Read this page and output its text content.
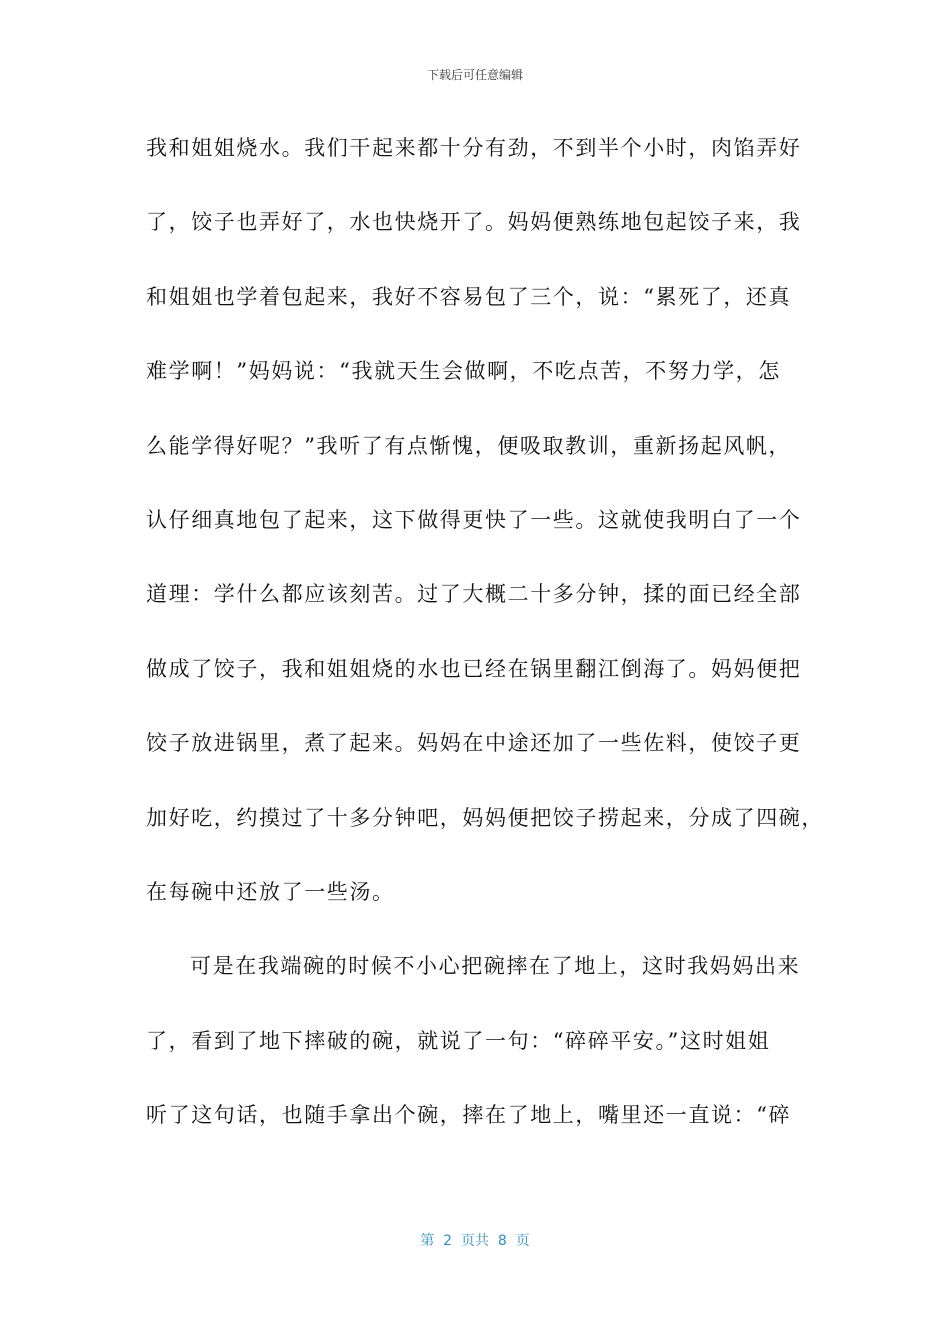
下载后可任意编辑
我和姐姐烧水。我们干起来都十分有劲，不到半个小时，肉馅弄好
了，饺子也弄好了，水也快烧开了。妈妈便熟练地包起饺子来，我
和姐姐也学着包起来，我好不容易包了三个，说：“累死了，还真
难学啊！”妈妈说：“我就天生会做啊，不吃点苦，不努力学，怎
么能学得好呢？”我听了有点惭愧，便吸取教训，重新扬起风帆，
认仔细真地包了起来，这下做得更快了一些。这就使我明白了一个
道理：学什么都应该刻苦。过了大概二十多分钟，揉的面已经全部
做成了饺子，我和姐姐烧的水也已经在锅里翻江倒海了。妈妈便把
饺子放进锅里，煮了起来。妈妈在中途还加了一些佐料，使饺子更
加好吃，约摸过了十多分钟吧，妈妈便把饺子捞起来，分成了四碗，
在每碗中还放了一些汤。
可是在我端碗的时候不小心把碗摔在了地上，这时我妈妈出来
了，看到了地下摔破的碗，就说了一句：“碎碎平安。”这时姐姐
听了这句话，也随手拿出个碗，摔在了地上，嘴里还一直说：“碎
第  2  页共  8  页
